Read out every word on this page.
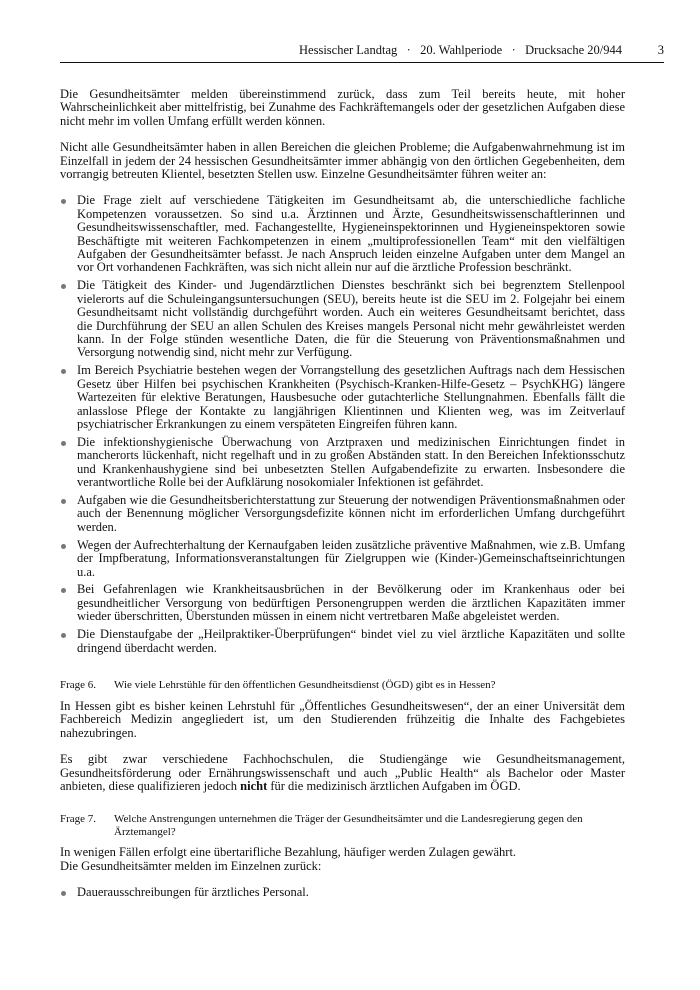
Hessischer Landtag   ·   20. Wahlperiode   ·   Drucksache 20/944	3

Die Gesundheitsämter melden übereinstimmend zurück, dass zum Teil bereits heute, mit hoher Wahrscheinlichkeit aber mittelfristig, bei Zunahme des Fachkräftemangels oder der gesetzlichen Aufgaben diese nicht mehr im vollen Umfang erfüllt werden können.

Nicht alle Gesundheitsämter haben in allen Bereichen die gleichen Probleme; die Aufgabenwahrnehmung ist im Einzelfall in jedem der 24 hessischen Gesundheitsämter immer abhängig von den örtlichen Gegebenheiten, dem vorrangig betreuten Klientel, besetzten Stellen usw. Einzelne Gesundheitsämter führen weiter an:

Die Frage zielt auf verschiedene Tätigkeiten im Gesundheitsamt ab, die unterschiedliche fachliche Kompetenzen voraussetzen. So sind u.a. Ärztinnen und Ärzte, Gesundheitswissenschaftlerinnen und Gesundheitswissenschaftler, med. Fachangestellte, Hygieneinspektorinnen und Hygieneinspektoren sowie Beschäftigte mit weiteren Fachkompetenzen in einem „multiprofessionellen Team“ mit den vielfältigen Aufgaben der Gesundheitsämter befasst. Je nach Anspruch leiden einzelne Aufgaben unter dem Mangel an vor Ort vorhandenen Fachkräften, was sich nicht allein nur auf die ärztliche Profession beschränkt.
Die Tätigkeit des Kinder- und Jugendärztlichen Dienstes beschränkt sich bei begrenztem Stellenpool vielerorts auf die Schuleingangsuntersuchungen (SEU), bereits heute ist die SEU im 2. Folgejahr bei einem Gesundheitsamt nicht vollständig durchgeführt worden. Auch ein weiteres Gesundheitsamt berichtet, dass die Durchführung der SEU an allen Schulen des Kreises mangels Personal nicht mehr gewährleistet werden kann. In der Folge stünden wesentliche Daten, die für die Steuerung von Präventionsmaßnahmen und Versorgung notwendig sind, nicht mehr zur Verfügung.
Im Bereich Psychiatrie bestehen wegen der Vorrangstellung des gesetzlichen Auftrags nach dem Hessischen Gesetz über Hilfen bei psychischen Krankheiten (Psychisch-Kranken-Hilfe-Gesetz – PsychKHG) längere Wartezeiten für elektive Beratungen, Hausbesuche oder gutachterliche Stellungnahmen. Ebenfalls fällt die anlasslose Pflege der Kontakte zu langjährigen Klientinnen und Klienten weg, was im Zeitverlauf psychiatrischer Erkrankungen zu einem verspäteten Eingreifen führen kann.
Die infektionshygienische Überwachung von Arztpraxen und medizinischen Einrichtungen findet in mancherorts lückenhaft, nicht regelhaft und in zu großen Abständen statt. In den Bereichen Infektionsschutz und Krankenhaushygiene sind bei unbesetzten Stellen Aufgabendefizite zu erwarten. Insbesondere die verantwortliche Rolle bei der Aufklärung nosokomialer Infektionen ist gefährdet.
Aufgaben wie die Gesundheitsberichterstattung zur Steuerung der notwendigen Präventionsmaßnahmen oder auch der Benennung möglicher Versorgungsdefizite können nicht im erforderlichen Umfang durchgeführt werden.
Wegen der Aufrechterhaltung der Kernaufgaben leiden zusätzliche präventive Maßnahmen, wie z.B. Umfang der Impfberatung, Informationsveranstaltungen für Zielgruppen wie (Kinder-)Gemeinschaftseinrichtungen u.a.
Bei Gefahrenlagen wie Krankheitsausbrüchen in der Bevölkerung oder im Krankenhaus oder bei gesundheitlicher Versorgung von bedürftigen Personengruppen werden die ärztlichen Kapazitäten immer wieder überschritten, Überstunden müssen in einem nicht vertretbaren Maße abgeleistet werden.
Die Dienstaufgabe der „Heilpraktiker-Überprüfungen“ bindet viel zu viel ärztliche Kapazitäten und sollte dringend überdacht werden.
Frage 6.	Wie viele Lehrstühle für den öffentlichen Gesundheitsdienst (ÖGD) gibt es in Hessen?

In Hessen gibt es bisher keinen Lehrstuhl für „Öffentliches Gesundheitswesen“, der an einer Universität dem Fachbereich Medizin angegliedert ist, um den Studierenden frühzeitig die Inhalte des Fachgebietes nahezubringen.

Es gibt zwar verschiedene Fachhochschulen, die Studiengänge wie Gesundheitsmanagement, Gesundheitsförderung oder Ernährungswissenschaft und auch „Public Health“ als Bachelor oder Master anbieten, diese qualifizieren jedoch nicht für die medizinisch ärztlichen Aufgaben im ÖGD.

Frage 7.	Welche Anstrengungen unternehmen die Träger der Gesundheitsämter und die Landesregierung gegen den Ärztemangel?

In wenigen Fällen erfolgt eine übertarifliche Bezahlung, häufiger werden Zulagen gewährt.
Die Gesundheitsämter melden im Einzelnen zurück:

Dauerausschreibungen für ärztliches Personal.
